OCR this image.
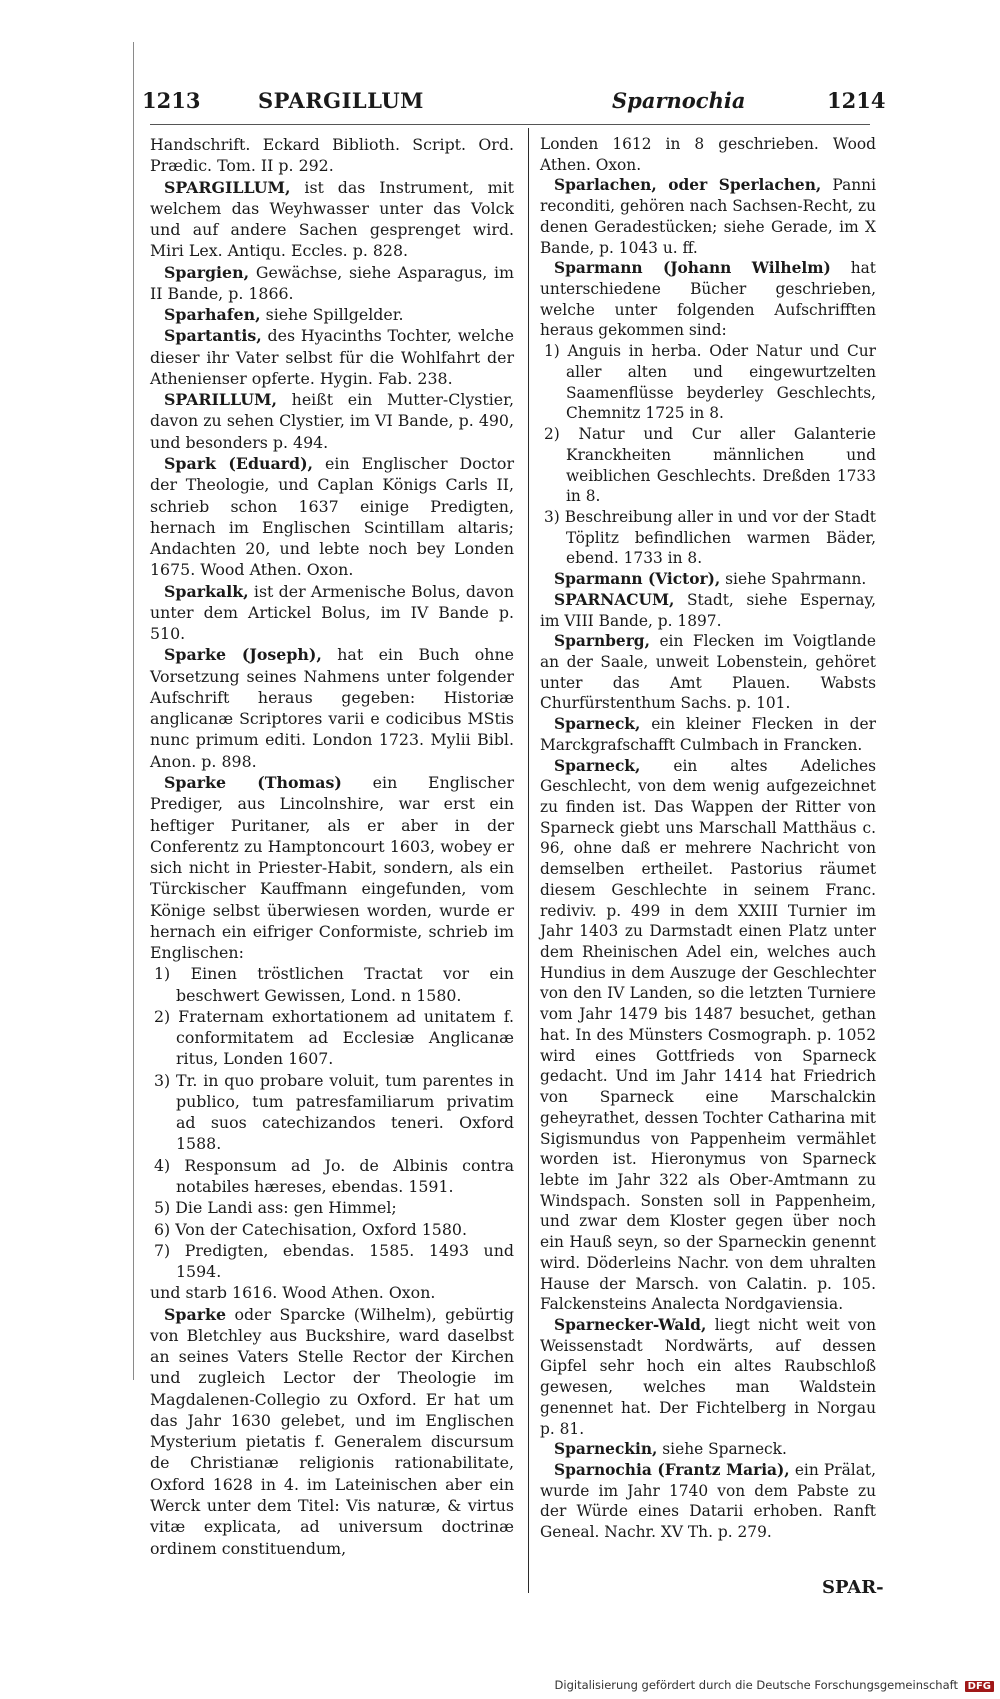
1213	SPARGILLUM	Sparnochia	1214

Handschrift. Eckard Biblioth. Script. Ord. Prædic. Tom. II p. 292.

SPARGILLUM, ist das Instrument, mit welchem das Weyhwasser unter das Volck und auf andere Sachen gesprenget wird. Miri Lex. Antiqu. Eccles. p. 828.

Spargien, Gewächse, siehe Asparagus, im II Bande, p. 1866.

Sparhafen, siehe Spillgelder.

Spartantis, des Hyacinths Tochter, welche dieser ihr Vater selbst für die Wohlfahrt der Athenienser opferte. Hygin. Fab. 238.

SPARILLUM, heißt ein Mutter-Clystier, davon zu sehen Clystier, im VI Bande, p. 490, und besonders p. 494.

Spark (Eduard), ein Englischer Doctor der Theologie, und Caplan Königs Carls II, schrieb schon 1637 einige Predigten, hernach im Englischen Scintillam altaris; Andachten 20, und lebte noch bey Londen 1675. Wood Athen. Oxon.

Sparkalk, ist der Armenische Bolus, davon unter dem Artickel Bolus, im IV Bande p. 510.

Sparke (Joseph), hat ein Buch ohne Vorsetzung seines Nahmens unter folgender Aufschrift heraus gegeben: Historiæ anglicanæ Scriptores varii e codicibus MStis nunc primum editi. London 1723. Mylii Bibl. Anon. p. 898.

Sparke (Thomas) ein Englischer Prediger, aus Lincolnshire, war erst ein heftiger Puritaner, als er aber in der Conferentz zu Hamptoncourt 1603, wobey er sich nicht in Priester-Habit, sondern, als ein Türckischer Kauffmann eingefunden, vom Könige selbst überwiesen worden, wurde er hernach ein eifriger Conformiste, schrieb im Englischen:

1) Einen tröstlichen Tractat vor ein beschwert Gewissen, Lond. n 1580.
2) Fraternam exhortationem ad unitatem f. conformitatem ad Ecclesiæ Anglicanæ ritus, Londen 1607.
3) Tr. in quo probare voluit, tum parentes in publico, tum patresfamiliarum privatim ad suos catechizandos teneri. Oxford 1588.
4) Responsum ad Jo. de Albinis contra notabiles hæreses, ebendas. 1591.
5) Die Landi ass: gen Himmel;
6) Von der Catechisation, Oxford 1580.
7) Predigten, ebendas. 1585. 1493 und 1594.

und starb 1616. Wood Athen. Oxon.

Sparke oder Sparcke (Wilhelm), gebürtig von Bletchley aus Buckshire, ward daselbst an seines Vaters Stelle Rector der Kirchen und zugleich Lector der Theologie im Magdalenen-Collegio zu Oxford. Er hat um das Jahr 1630 gelebet, und im Englischen Mysterium pietatis f. Generalem discursum de Christianæ religionis rationabilitate, Oxford 1628 in 4. im Lateinischen aber ein Werck unter dem Titel: Vis naturæ, & virtus vitæ explicata, ad universum doctrinæ ordinem constituendum,

Londen 1612 in 8 geschrieben. Wood Athen. Oxon.

Sparlachen, oder Sperlachen, Panni reconditi, gehören nach Sachsen-Recht, zu denen Geradestücken; siehe Gerade, im X Bande, p. 1043 u. ff.

Sparmann (Johann Wilhelm) hat unterschiedene Bücher geschrieben, welche unter folgenden Aufschrifften heraus gekommen sind:

1) Anguis in herba. Oder Natur und Cur aller alten und eingewurtzelten Saamenflüsse beyderley Geschlechts, Chemnitz 1725 in 8.
2) Natur und Cur aller Galanterie Kranckheiten männlichen und weiblichen Geschlechts. Dreßden 1733 in 8.
3) Beschreibung aller in und vor der Stadt Töplitz befindlichen warmen Bäder, ebend. 1733 in 8.

Sparmann (Victor), siehe Spahrmann.

SPARNACUM, Stadt, siehe Espernay, im VIII Bande, p. 1897.

Sparnberg, ein Flecken im Voigtlande an der Saale, unweit Lobenstein, gehöret unter das Amt Plauen. Wabsts Churfürstenthum Sachs. p. 101.

Sparneck, ein kleiner Flecken in der Marckgrafschafft Culmbach in Francken.

Sparneck, ein altes Adeliches Geschlecht, von dem wenig aufgezeichnet zu finden ist. Das Wappen der Ritter von Sparneck giebt uns Marschall Matthäus c. 96, ohne daß er mehrere Nachricht von demselben ertheilet. Pastorius räumet diesem Geschlechte in seinem Franc. rediviv. p. 499 in dem XXIII Turnier im Jahr 1403 zu Darmstadt einen Platz unter dem Rheinischen Adel ein, welches auch Hundius in dem Auszuge der Geschlechter von den IV Landen, so die letzten Turniere vom Jahr 1479 bis 1487 besuchet, gethan hat. In des Münsters Cosmograph. p. 1052 wird eines Gottfrieds von Sparneck gedacht. Und im Jahr 1414 hat Friedrich von Sparneck eine Marschalckin geheyrathet, dessen Tochter Catharina mit Sigismundus von Pappenheim vermählet worden ist. Hieronymus von Sparneck lebte im Jahr 322 als Ober-Amtmann zu Windspach. Sonsten soll in Pappenheim, und zwar dem Kloster gegen über noch ein Hauß seyn, so der Sparneckin genennt wird. Döderleins Nachr. von dem uhralten Hause der Marsch. von Calatin. p. 105. Falckensteins Analecta Nordgaviensia.

Sparnecker-Wald, liegt nicht weit von Weissenstadt Nordwärts, auf dessen Gipfel sehr hoch ein altes Raubschloß gewesen, welches man Waldstein genennet hat. Der Fichtelberg in Norgau p. 81.

Sparneckin, siehe Sparneck.

Sparnochia (Frantz Maria), ein Prälat, wurde im Jahr 1740 von dem Pabste zu der Würde eines Datarii erhoben. Ranft Geneal. Nachr. XV Th. p. 279.

SPAR-
Digitalisierung gefördert durch die Deutsche Forschungsgemeinschaft DFG
